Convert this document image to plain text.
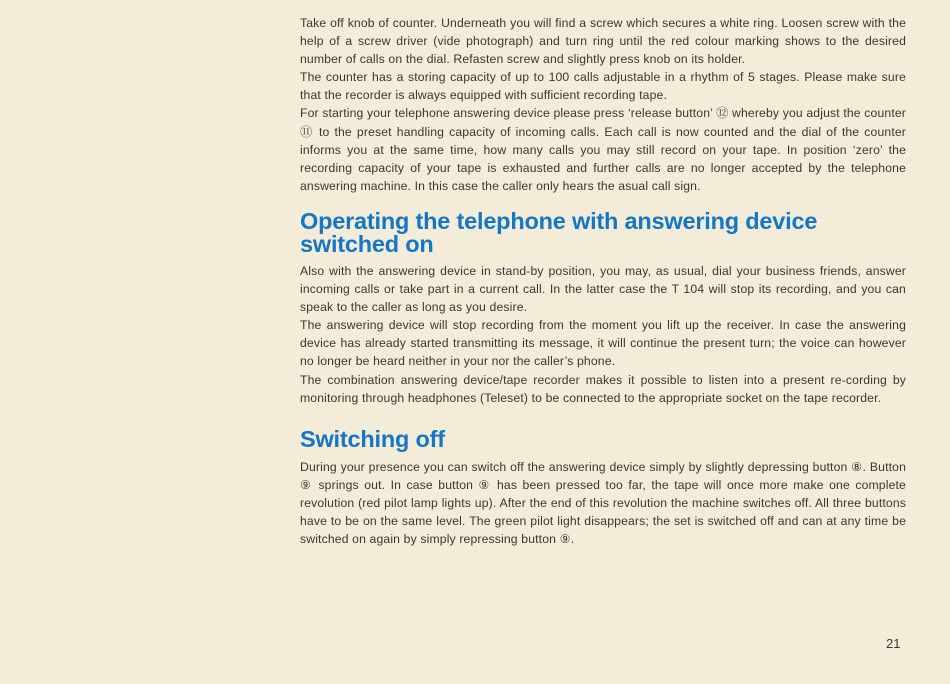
Take off knob of counter. Underneath you will find a screw which secures a white ring. Loosen screw with the help of a screw driver (vide photograph) and turn ring until the red colour marking shows to the desired number of calls on the dial. Refasten screw and slightly press knob on its holder.

The counter has a storing capacity of up to 100 calls adjustable in a rhythm of 5 stages. Please make sure that the recorder is always equipped with sufficient recording tape.

For starting your telephone answering device please press ‘release button’ ⑫ whereby you adjust the counter ⑪ to the preset handling capacity of incoming calls. Each call is now counted and the dial of the counter informs you at the same time, how many calls you may still record on your tape. In position ‘zero’ the recording capacity of your tape is exhausted and further calls are no longer accepted by the telephone answering machine. In this case the caller only hears the asual call sign.

Operating the telephone with answering device switched on

Also with the answering device in stand-by position, you may, as usual, dial your business friends, answer incoming calls or take part in a current call. In the latter case the T 104 will stop its recording, and you can speak to the caller as long as you desire.

The answering device will stop recording from the moment you lift up the receiver. In case the answering device has already started transmitting its message, it will continue the present turn; the voice can however no longer be heard neither in your nor the caller’s phone.

The combination answering device/tape recorder makes it possible to listen into a present re-cording by monitoring through headphones (Teleset) to be connected to the appropriate socket on the tape recorder.

Switching off

During your presence you can switch off the answering device simply by slightly depressing button ⑧. Button ⑨ springs out. In case button ⑨ has been pressed too far, the tape will once more make one complete revolution (red pilot lamp lights up). After the end of this revolution the machine switches off. All three buttons have to be on the same level. The green pilot light disappears; the set is switched off and can at any time be switched on again by simply repressing button ⑨.

21
